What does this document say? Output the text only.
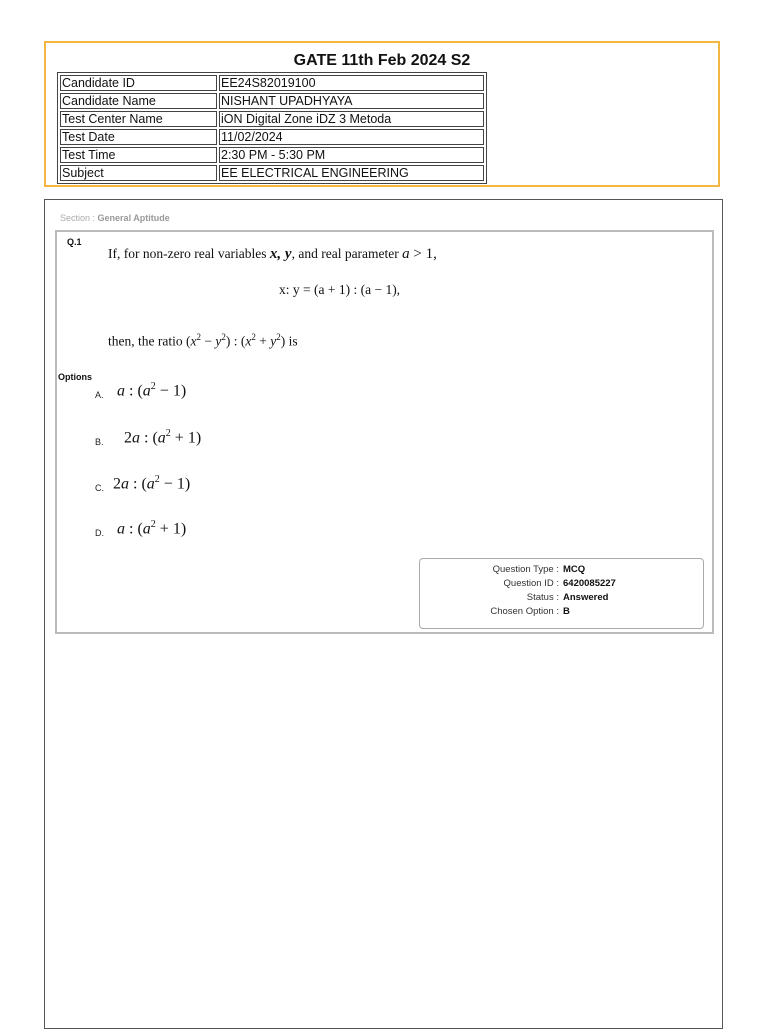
GATE 11th Feb 2024 S2
Candidate ID	EE24S82019100
Candidate Name	NISHANT UPADHYAYA
Test Center Name	iON Digital Zone iDZ 3 Metoda
Test Date	11/02/2024
Test Time	2:30 PM - 5:30 PM
Subject	EE ELECTRICAL ENGINEERING
Section : General Aptitude
Q.1
If, for non-zero real variables x, y, and real parameter a > 1,
x: y = (a + 1) : (a − 1),
then, the ratio $(x^2 - y^2)$ : $(x^2 + y^2)$ is
Options
A. a : $(a^2 - 1)$
B. 2a : $(a^2 + 1)$
C. 2a : $(a^2 - 1)$
D. a : $(a^2 + 1)$
Question Type : MCQ
Question ID : 6420085227
Status : Answered
Chosen Option : B
